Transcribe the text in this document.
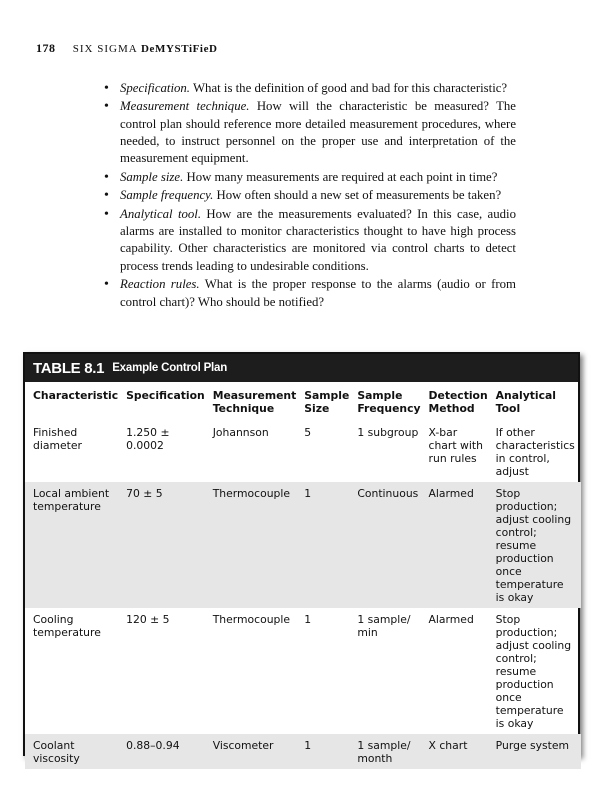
178 SIX SIGMA DeMYSTiFieD
• Specification. What is the definition of good and bad for this characteristic?
• Measurement technique. How will the characteristic be measured? The control plan should reference more detailed measurement procedures, where needed, to instruct personnel on the proper use and interpretation of the measurement equipment.
• Sample size. How many measurements are required at each point in time?
• Sample frequency. How often should a new set of measurements be taken?
• Analytical tool. How are the measurements evaluated? In this case, audio alarms are installed to monitor characteristics thought to have high process capability. Other characteristics are monitored via control charts to detect process trends leading to undesirable conditions.
• Reaction rules. What is the proper response to the alarms (audio or from control chart)? Who should be notified?
TABLE 8.1 Example Control Plan
Characteristic	Specification	Measurement Technique	Sample Size	Sample Frequency	Detection Method	Analytical Tool
Finished diameter	1.250 ± 0.0002	Johannson	5	1 subgroup	X-bar chart with run rules	If other characteristics in control, adjust
Local ambient temperature	70 ± 5	Thermocouple	1	Continuous	Alarmed	Stop production; adjust cooling control; resume production once temperature is okay
Cooling temperature	120 ± 5	Thermocouple	1	1 sample/ min	Alarmed	Stop production; adjust cooling control; resume production once temperature is okay
Coolant viscosity	0.88–0.94	Viscometer	1	1 sample/ month	X chart	Purge system
